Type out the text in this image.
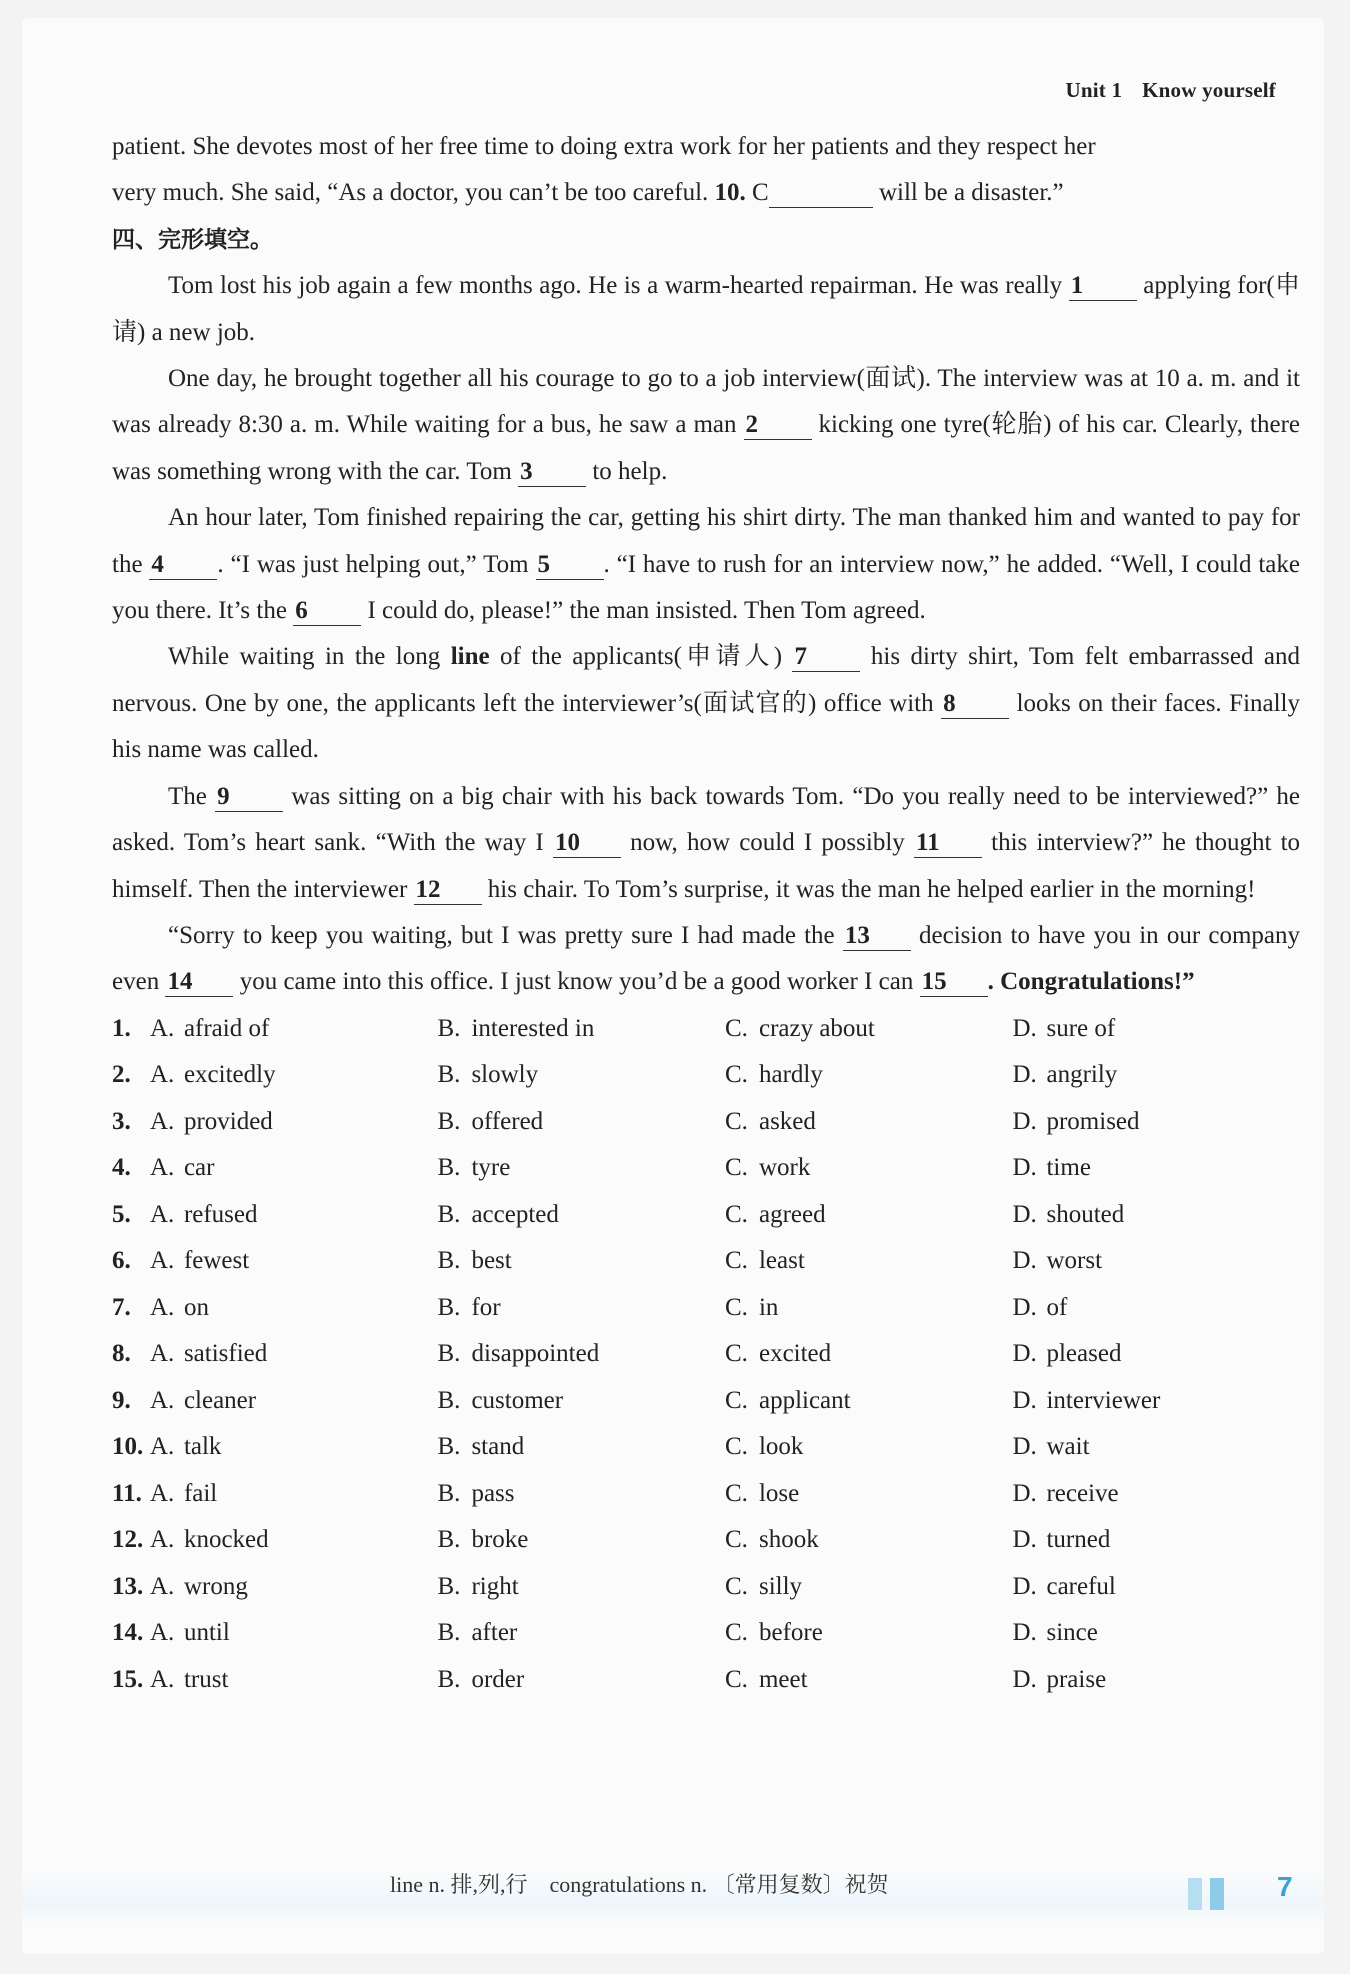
Unit 1 Know yourself

patient. She devotes most of her free time to doing extra work for her patients and they respect her

very much. She said, “As a doctor, you can’t be too careful. 10. C	will be a disaster.”

四、完形填空。

Tom lost his job again a few months ago. He is a warm-hearted repairman. He was really 1 applying for(申请) a new job.

One day, he brought together all his courage to go to a job interview(面试). The interview was at 10 a. m. and it was already 8:30 a. m. While waiting for a bus, he saw a man 2 kicking one tyre(轮胎) of his car. Clearly, there was something wrong with the car. Tom 3 to help.

An hour later, Tom finished repairing the car, getting his shirt dirty. The man thanked him and wanted to pay for the 4 . “I was just helping out,” Tom 5 . “I have to rush for an interview now,” he added. “Well, I could take you there. It’s the 6 I could do, please!” the man insisted. Then Tom agreed.

While waiting in the long line of the applicants(申请人) 7 his dirty shirt, Tom felt embarrassed and nervous. One by one, the applicants left the interviewer’s(面试官的) office with 8 looks on their faces. Finally his name was called.

The 9 was sitting on a big chair with his back towards Tom. “Do you really need to be interviewed?” he asked. Tom’s heart sank. “With the way I 10 now, how could I possibly 11 this interview?” he thought to himself. Then the interviewer 12 his chair. To Tom’s surprise, it was the man he helped earlier in the morning!

“Sorry to keep you waiting, but I was pretty sure I had made the 13 decision to have you in our company even 14 you came into this office. I just know you’d be a good worker I can 15 . Congratulations!”

1. A. afraid of	B. interested in	C. crazy about	D. sure of
2. A. excitedly	B. slowly	C. hardly	D. angrily
3. A. provided	B. offered	C. asked	D. promised
4. A. car	B. tyre	C. work	D. time
5. A. refused	B. accepted	C. agreed	D. shouted
6. A. fewest	B. best	C. least	D. worst
7. A. on	B. for	C. in	D. of
8. A. satisfied	B. disappointed	C. excited	D. pleased
9. A. cleaner	B. customer	C. applicant	D. interviewer
10. A. talk	B. stand	C. look	D. wait
11. A. fail	B. pass	C. lose	D. receive
12. A. knocked	B. broke	C. shook	D. turned
13. A. wrong	B. right	C. silly	D. careful
14. A. until	B. after	C. before	D. since
15. A. trust	B. order	C. meet	D. praise
line n. 排,列,行 congratulations n. 〔常用复数〕祝贺	7
